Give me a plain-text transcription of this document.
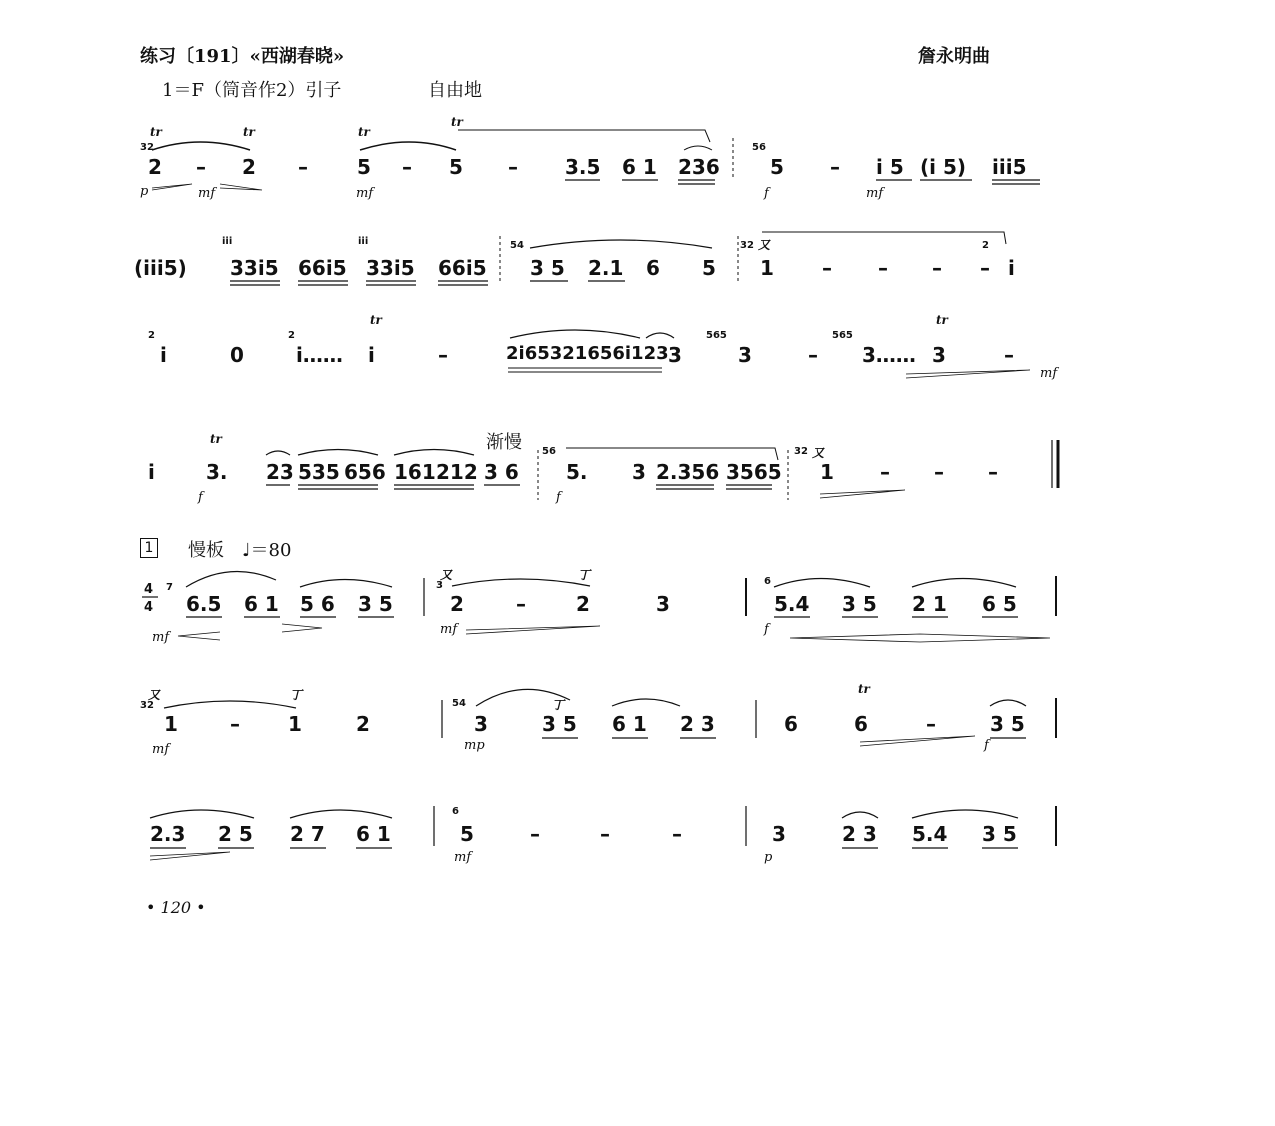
练习〔191〕«西湖春晓»	詹永明曲
1＝F（筒音作2）引子	自由地
32
tr
2 –
tr
2 –
tr
5 –
tr
5 – 3.5 6 1 236
56
5 – i 5 (i 5) iii5
p	mf	mf	f	mf
(iii5)
iii
33i5 66i5
iii
33i5 66i5
54
3 5 2.1 6 5
32 又
1 – – – –
2
i
2
i	0
2
i……
tr
i	–	2i65321656i123 3
565
3	–
565
3……
tr
3	–
mf
渐慢
i
tr
3. 23 535 656 161 212 3 6
56
5. 3 2.356 3565
32 又
1 – – –
f	f
1 慢板 ♩＝80
4
4
7
6.5 6 1 5 6 3 5
3
又
2	–
丁
2	3
6
5.4 3 5 2 1 6 5
mf
mf	f
32
又
1	–
丁
1	2
54
3
丁
3 5 6 1 2 3	6
tr
6	–	3 5
mf	mp	f
2.3 2 5 2 7 6 1
6
5	–	–	–	3	2 3 5.4 3 5
mf	p
• 120 •
